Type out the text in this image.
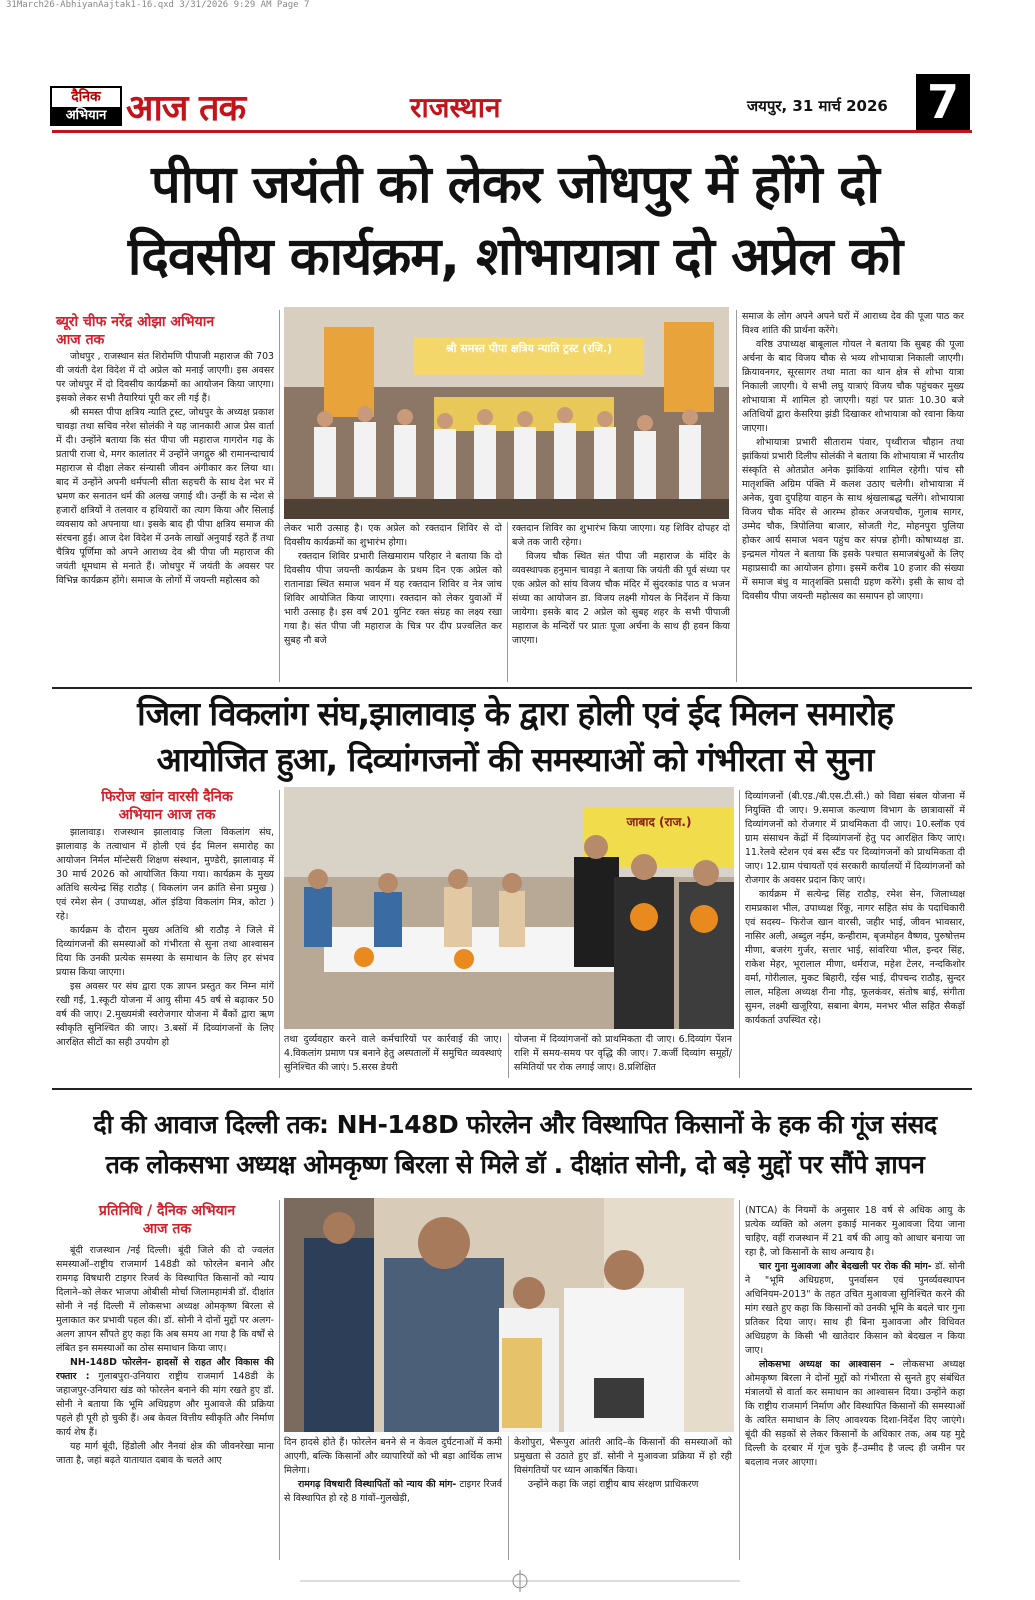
31March26-AbhiyanAajtak1-16.qxd 3/31/2026 9:29 AM Page 7
दैनिक
अभियान आज तक	राजस्थान	जयपुर, 31 मार्च 2026 7
पीपा जयंती को लेकर जोधपुर में होंगे दो
दिवसीय कार्यक्रम, शोभायात्रा दो अप्रेल को
ब्यूरो चीफ नरेंद्र ओझा अभियान
आज तक

जोधपुर , राजस्थान संत शिरोमणि पीपाजी महाराज की 703 वी जयंती देश विदेश में दो अप्रेल को मनाई जाएगी। इस अवसर पर जोधपुर में दो दिवसीय कार्यक्रमों का आयोजन किया जाएगा। इसको लेकर सभी तैयारियां पूरी कर ली गई हैं।

श्री समस्त पीपा क्षत्रिय न्याति ट्रस्ट, जोधपुर के अध्यक्ष प्रकाश चावड़ा तथा सचिव नरेश सोलंकी ने यह जानकारी आज प्रेस वार्ता में दी। उन्होंने बताया कि संत पीपा जी महाराज गागरोन गढ़ के प्रतापी राजा थे, मगर कालांतर में उन्होंने जगद्गुरु श्री रामानन्दाचार्य महाराज से दीक्षा लेकर संन्यासी जीवन अंगीकार कर लिया था। बाद में उन्होंने अपनी धर्मपत्नी सीता सहचरी के साथ देश भर में भ्रमण कर सनातन धर्म की अलख जगाई थी। उन्हीं के स न्देश से हजारों क्षत्रियों ने तलवार व हथियारों का त्याग किया और सिलाई व्यवसाय को अपनाया था। इसके बाद ही पीपा क्षत्रिय समाज की संरचना हुई। आज देश विदेश में उनके लाखों अनुयाई रहते हैं तथा चैत्रिय पूर्णिमा को अपने आराध्य देव श्री पीपा जी महाराज की जयंती धूमधाम से मनाते हैं। जोधपुर में जयंती के अवसर पर विभिन्न कार्यक्रम होंगे। समाज के लोगों में जयन्ती महोत्सव को

श्री समस्त पीपा क्षत्रिय न्याति ट्रस्ट (रजि.)

लेकर भारी उत्साह है। एक अप्रेल को रक्तदान शिविर से दो दिवसीय कार्यक्रमों का शुभारंभ होगा।

रक्तदान शिविर प्रभारी लिखमाराम परिहार ने बताया कि दो दिवसीय पीपा जयन्ती कार्यक्रम के प्रथम दिन एक अप्रेल को रातानाडा स्थित समाज भवन में यह रक्तदान शिविर व नेत्र जांच शिविर आयोजित किया जाएगा। रक्तदान को लेकर युवाओं में भारी उत्साह है। इस वर्ष 201 युनिट रक्त संग्रह का लक्ष्य रखा गया है। संत पीपा जी महाराज के चित्र पर दीप प्रज्वलित कर सुबह नौ बजे

रक्तदान शिविर का शुभारंभ किया जाएगा। यह शिविर दोपहर दो बजे तक जारी रहेगा।

विजय चौक स्थित संत पीपा जी महाराज के मंदिर के व्यवस्थापक हनुमान चावड़ा ने बताया कि जयंती की पूर्व संध्या पर एक अप्रेल को सांय विजय चौक मंदिर में सुंदरकांड पाठ व भजन संध्या का आयोजन डा. विजय लक्ष्मी गोयल के निर्देशन में किया जायेगा। इसके बाद 2 अप्रेल को सुबह शहर के सभी पीपाजी महाराज के मन्दिरों पर प्रातः पूजा अर्चना के साथ ही हवन किया जाएगा।

समाज के लोग अपने अपने घरों में आराध्य देव की पूजा पाठ कर विश्व शांति की प्रार्थना करेंगे।

वरिष्ठ उपाध्यक्ष बाबूलाल गोयल ने बताया कि सुबह की पूजा अर्चना के बाद विजय चौक से भव्य शोभायात्रा निकाली जाएगी। क्रियावनगर, सूरसागर तथा माता का थान क्षेत्र से शोभा यात्रा निकाली जाएगी। ये सभी लघु यात्राएं विजय चौक पहुंचकर मुख्य शोभायात्रा में शामिल हो जाएगी। यहां पर प्रातः 10.30 बजे अतिथियों द्वारा केसरिया झंडी दिखाकर शोभायात्रा को रवाना किया जाएगा।

शोभायात्रा प्रभारी सीताराम पंवार, पृथ्वीराज चौहान तथा झांकियां प्रभारी दिलीप सोलंकी ने बताया कि शोभायात्रा में भारतीय संस्कृति से ओतप्रोत अनेक झांकियां शामिल रहेगी। पांच सौ मातृशक्ति अग्रिम पंक्ति में कलश उठाए चलेगी। शोभायात्रा में अनेक, युवा दुपहिया वाहन के साथ श्रृंखलाबद्ध चलेंगे। शोभायात्रा विजय चौक मंदिर से आरम्भ होकर अजयचौक, गुलाब सागर, उम्मेद चौक, त्रिपोलिया बाजार, सोजती गेट, मोहनपुरा पुलिया होकर आर्य समाज भवन पहुंच कर संपन्न होगी। कोषाध्यक्ष डा. इन्द्रमल गोयल ने बताया कि इसके पश्चात समाजबंधुओं के लिए महाप्रसादी का आयोजन होगा। इसमें करीब 10 हजार की संख्या में समाज बंधु व मातृशक्ति प्रसादी ग्रहण करेंगे। इसी के साथ दो दिवसीय पीपा जयन्ती महोत्सव का समापन हो जाएगा।

जिला विकलांग संघ,झालावाड़ के द्वारा होली एवं ईद मिलन समारोह
आयोजित हुआ, दिव्यांगजनों की समस्याओं को गंभीरता से सुना
फिरोज खांन वारसी दैनिक
अभियान आज तक

झालावाड़। राजस्थान झालावाड़ जिला विकलांग संघ, झालावाड़ के तत्वाधान में होली एवं ईद मिलन समारोह का आयोजन निर्मल मॉन्टेसरी शिक्षण संस्थान, मुण्डेरी, झालावाड़ में 30 मार्च 2026 को आयोजित किया गया। कार्यक्रम के मुख्य अतिथि सत्येन्द्र सिंह राठौड़ ( विकलांग जन क्रांति सेना प्रमुख ) एवं रमेश सेन ( उपाध्यक्ष, ऑल इंडिया विकलांग मित्र, कोटा ) रहे।

कार्यक्रम के दौरान मुख्य अतिथि श्री राठौड़ ने जिले में दिव्यांगजनों की समस्याओं को गंभीरता से सुना तथा आश्वासन दिया कि उनकी प्रत्येक समस्या के समाधान के लिए हर संभव प्रयास किया जाएगा।

इस अवसर पर संघ द्वारा एक ज्ञापन प्रस्तुत कर निम्न मांगें रखी गईं, 1.स्कूटी योजना में आयु सीमा 45 वर्ष से बढ़ाकर 50 वर्ष की जाए। 2.मुख्यमंत्री स्वरोजगार योजना में बैंकों द्वारा ऋण स्वीकृति सुनिश्चित की जाए। 3.बसों में दिव्यांगजनों के लिए आरक्षित सीटों का सही उपयोग हो

जाबाद (राज.)

तथा दुर्व्यवहार करने वाले कर्मचारियों पर कार्रवाई की जाए। 4.विकलांग प्रमाण पत्र बनाने हेतु अस्पतालों में समुचित व्यवस्थाएं सुनिश्चित की जाएं। 5.सरस डेयरी

योजना में दिव्यांगजनों को प्राथमिकता दी जाए। 6.दिव्यांग पेंशन राशि में समय-समय पर वृद्धि की जाए। 7.कर्जी दिव्यांग समूहों/समितियों पर रोक लगाई जाए। 8.प्रशिक्षित

दिव्यांगजनों (बी.एड./बी.एस.टी.सी.) को विद्या संबल योजना में नियुक्ति दी जाए। 9.समाज कल्याण विभाग के छात्रावासों में दिव्यांगजनों को रोजगार में प्राथमिकता दी जाए। 10.स्लॉक एवं ग्राम संसाधन केंद्रों में दिव्यांगजनों हेतु पद आरक्षित किए जाएं। 11.रेलवे स्टेशन एवं बस स्टैंड पर दिव्यांगजनों को प्राथमिकता दी जाए। 12.ग्राम पंचायतों एवं सरकारी कार्यालयों में दिव्यांगजनों को रोजगार के अवसर प्रदान किए जाएं।

कार्यक्रम में सत्येन्द्र सिंह राठौड़, रमेश सेन, जिलाध्यक्ष रामप्रकाश भील, उपाध्यक्ष रिंकू, नागर सहित संघ के पदाधिकारी एवं सदस्य– फिरोज खान वारसी, जहीर भाई, जीवन भावसार, नासिर अली, अब्दुल नईम, कन्हीराम, बृजमोहन वैष्णव, पुरुषोत्तम मीणा, बजरंग गुर्जर, सत्तार भाई, सांवरिया भील, इन्दर सिंह, राकेश मेहर, भूरालाल मीणा, धर्मराज, महेश टेलर, नन्दकिशोर वर्मा, गोरीलाल, मुकट बिहारी, रईस भाई, दीपचन्द राठौड़, सुन्दर लाल, महिला अध्यक्ष रीना गौड़, फूलकंवर, संतोष बाई, संगीता सुमन, लक्ष्मी खजूरिया, सबाना बेगम, मनभर भील सहित सैकड़ों कार्यकर्ता उपस्थित रहे।

दी की आवाज दिल्ली तक: NH-148D फोरलेन और विस्थापित किसानों के हक की गूंज संसद
तक लोकसभा अध्यक्ष ओमकृष्ण बिरला से मिले डॉ . दीक्षांत सोनी, दो बड़े मुद्दों पर सौंपे ज्ञापन
प्रतिनिधि / दैनिक अभियान
आज तक

बूंदी राजस्थान /नई दिल्ली। बूंदी जिले की दो ज्वलंत समस्याओं–राष्ट्रीय राजमार्ग 148डी को फोरलेन बनाने और रामगढ़ विषधारी टाइगर रिजर्व के विस्थापित किसानों को न्याय दिलाने–को लेकर भाजपा ओबीसी मोर्चा जिलामहामंत्री डॉ. दीक्षांत सोनी ने नई दिल्ली में लोकसभा अध्यक्ष ओमकृष्ण बिरला से मुलाकात कर प्रभावी पहल की। डॉ. सोनी ने दोनों मुद्दों पर अलग-अलग ज्ञापन सौंपते हुए कहा कि अब समय आ गया है कि वर्षों से लंबित इन समस्याओं का ठोस समाधान किया जाए।

NH-148D फोरलेन- हादसों से राहत और विकास की रफ्तार : गुलाबपुरा-उनियारा राष्ट्रीय राजमार्ग 148डी के जहाजपुर-उनियारा खंड को फोरलेन बनाने की मांग रखते हुए डॉ. सोनी ने बताया कि भूमि अधिग्रहण और मुआवजे की प्रक्रिया पहले ही पूरी हो चुकी हैं। अब केवल वित्तीय स्वीकृति और निर्माण कार्य शेष हैं।

यह मार्ग बूंदी, हिंडोली और नैनवां क्षेत्र की जीवनरेखा माना जाता है, जहां बढ़ते यातायात दबाव के चलते आए

दिन हादसे होते हैं। फोरलेन बनने से न केवल दुर्घटनाओं में कमी आएगी, बल्कि किसानों और व्यापारियों को भी बड़ा आर्थिक लाभ मिलेगा।

रामगढ़ विषधारी विस्थापितों को न्याय की मांग- टाइगर रिजर्व से विस्थापित हो रहे 8 गांवों–गुलखेड़ी,

केशोपुरा, भैरूपुरा आंतरी आदि–के किसानों की समस्याओं को प्रमुखता से उठाते हुए डॉ. सोनी ने मुआवजा प्रक्रिया में हो रही विसंगतियों पर ध्यान आकर्षित किया।

उन्होंने कहा कि जहां राष्ट्रीय बाघ संरक्षण प्राधिकरण

(NTCA) के नियमों के अनुसार 18 वर्ष से अधिक आयु के प्रत्येक व्यक्ति को अलग इकाई मानकर मुआवजा दिया जाना चाहिए, वहीं राजस्थान में 21 वर्ष की आयु को आधार बनाया जा रहा है, जो किसानों के साथ अन्याय है।

चार गुना मुआवजा और बेदखली पर रोक की मांग- डॉ. सोनी ने "भूमि अधिग्रहण, पुनर्वासन एवं पुनर्व्यवस्थापन अधिनियम-2013" के तहत उचित मुआवजा सुनिश्चित करने की मांग रखते हुए कहा कि किसानों को उनकी भूमि के बदले चार गुना प्रतिकर दिया जाए। साथ ही बिना मुआवजा और विधिवत अधिग्रहण के किसी भी खातेदार किसान को बेदखल न किया जाए।

लोकसभा अध्यक्ष का आश्वासन – लोकसभा अध्यक्ष ओमकृष्ण बिरला ने दोनों मुद्दों को गंभीरता से सुनते हुए संबंधित मंत्रालयों से वार्ता कर समाधान का आश्वासन दिया। उन्होंने कहा कि राष्ट्रीय राजमार्ग निर्माण और विस्थापित किसानों की समस्याओं के त्वरित समाधान के लिए आवश्यक दिशा-निर्देश दिए जाएंगे। बूंदी की सड़कों से लेकर किसानों के अधिकार तक, अब यह मुद्दे दिल्ली के दरबार में गूंज चुके हैं–उम्मीद है जल्द ही जमीन पर बदलाव नजर आएगा।
